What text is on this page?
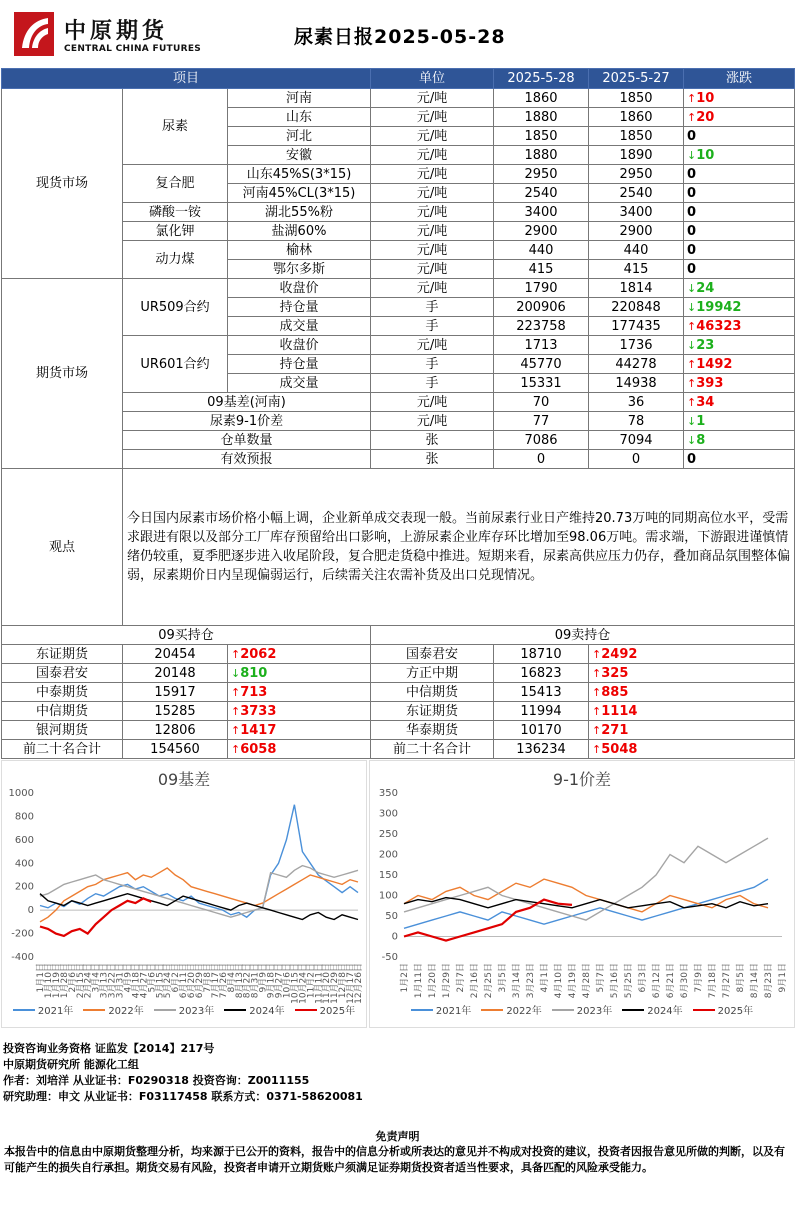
中原期货
CENTRAL CHINA FUTURES
尿素日报2025-05-28
项目			单位	2025-5-28	2025-5-27	涨跌
现货市场	尿素	河南	元/吨	1860	1850	↑10
		山东	元/吨	1880	1860	↑20
		河北	元/吨	1850	1850	0
		安徽	元/吨	1880	1890	↓10
	复合肥	山东45%S(3*15)	元/吨	2950	2950	0
		河南45%CL(3*15)	元/吨	2540	2540	0
	磷酸一铵	湖北55%粉	元/吨	3400	3400	0
	氯化钾	盐湖60%	元/吨	2900	2900	0
	动力煤	榆林	元/吨	440	440	0
		鄂尔多斯	元/吨	415	415	0
期货市场	UR509合约	收盘价	元/吨	1790	1814	↓24
		持仓量	手	200906	220848	↓19942
		成交量	手	223758	177435	↑46323
	UR601合约	收盘价	元/吨	1713	1736	↓23
		持仓量	手	45770	44278	↑1492
		成交量	手	15331	14938	↑393
	09基差(河南)		元/吨	70	36	↑34
	尿素9-1价差		元/吨	77	78	↓1
	仓单数量		张	7086	7094	↓8
	有效预报		张	0	0	0
观点	今日国内尿素市场价格小幅上调，企业新单成交表现一般。当前尿素行业日产维持20.73万吨的同期高位水平，受需求跟进有限以及部分工厂库存预留给出口影响，上游尿素企业库存环比增加至98.06万吨。需求端，下游跟进谨慎情绪仍较重，夏季肥逐步进入收尾阶段，复合肥走货稳中推进。短期来看，尿素高供应压力仍存，叠加商品氛围整体偏弱，尿素期价日内呈现偏弱运行，后续需关注农需补货及出口兑现情况。					
09买持仓			09卖持仓			
东证期货	20454	↑2062	国泰君安	18710	↑2492	
国泰君安	20148	↓810	方正中期	16823	↑325	
中泰期货	15917	↑713	中信期货	15413	↑885	
中信期货	15285	↑3733	东证期货	11994	↑1114	
银河期货	12806	↑1417	华泰期货	10170	↑271	
前二十名合计	154560	↑6058	前二十名合计	136234	↑5048	
09基差
1000
800
600
400
200
0
-200
-400
1月1日
1月10日
1月19日
1月28日
2月6日
2月15日
2月24日
3月4日
3月13日
3月22日
3月31日
4月9日
4月18日
4月27日
5月6日
5月15日
5月24日
6月2日
6月11日
6月20日
6月29日
7月8日
7月17日
7月26日
8月4日
8月13日
8月22日
8月31日
9月9日
9月18日
9月27日
10月6日
10月15日
10月24日
11月2日
11月11日
11月20日
11月29日
12月8日
12月17日
12月26日
2021年	2022年	2023年	2024年	2025年
9-1价差
350
300
250
200
150
100
50
0
-50
1月2日 1月11日 1月20日 1月29日 2月7日 2月16日 2月25日 3月5日 3月14日 3月23日 4月1日 4月10日 4月19日 4月28日 5月7日 5月16日 5月25日 6月3日 6月12日 6月21日 6月30日 7月9日 7月18日 7月27日 8月5日 8月14日 8月23日 9月1日
2021年	2022年	2023年	2024年	2025年
投资咨询业务资格 证监发【2014】217号
中原期货研究所 能源化工组
作者：刘培洋 从业证书：F0290318 投资咨询：Z0011155
研究助理：申文 从业证书：F03117458 联系方式：0371-58620081
免责声明
本报告中的信息由中原期货整理分析，均来源于已公开的资料，报告中的信息分析或所表达的意见并不构成对投资的建议，投资者因报告意见所做的判断，以及有可能产生的损失自行承担。期货交易有风险，投资者申请开立期货账户须满足证券期货投资者适当性要求，具备匹配的风险承受能力。
